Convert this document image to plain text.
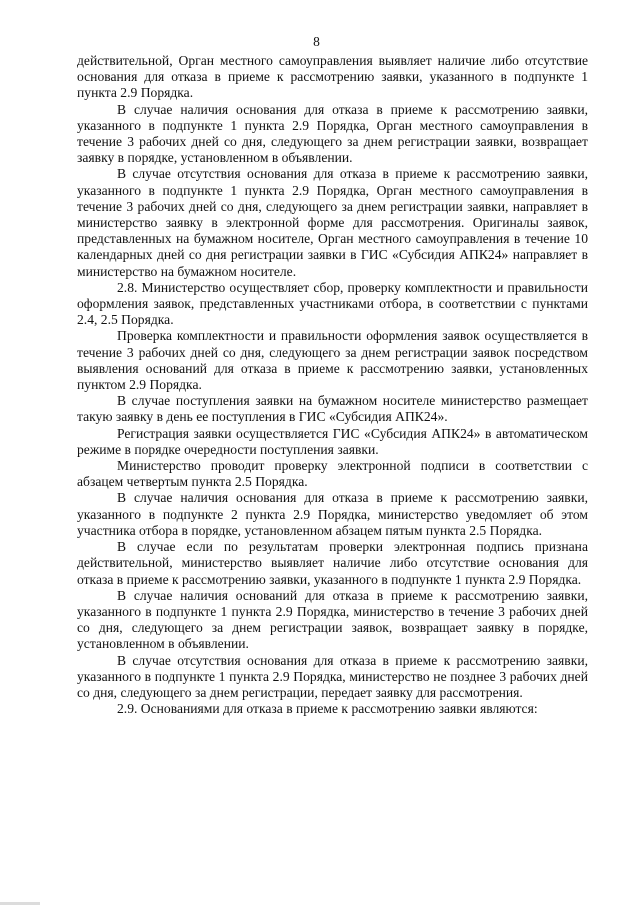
8

действительной, Орган местного самоуправления выявляет наличие либо отсутствие основания для отказа в приеме к рассмотрению заявки, указанного в подпункте 1 пункта 2.9 Порядка.

В случае наличия основания для отказа в приеме к рассмотрению заявки, указанного в подпункте 1 пункта 2.9 Порядка, Орган местного самоуправления в течение 3 рабочих дней со дня, следующего за днем регистрации заявки, возвращает заявку в порядке, установленном в объявлении.

В случае отсутствия основания для отказа в приеме к рассмотрению заявки, указанного в подпункте 1 пункта 2.9 Порядка, Орган местного самоуправления в течение 3 рабочих дней со дня, следующего за днем регистрации заявки, направляет в министерство заявку в электронной форме для рассмотрения. Оригиналы заявок, представленных на бумажном носителе, Орган местного самоуправления в течение 10 календарных дней со дня регистрации заявки в ГИС «Субсидия АПК24» направляет в министерство на бумажном носителе.

2.8. Министерство осуществляет сбор, проверку комплектности и правильности оформления заявок, представленных участниками отбора, в соответствии с пунктами 2.4, 2.5 Порядка.

Проверка комплектности и правильности оформления заявок осуществляется в течение 3 рабочих дней со дня, следующего за днем регистрации заявок посредством выявления оснований для отказа в приеме к рассмотрению заявки, установленных пунктом 2.9 Порядка.

В случае поступления заявки на бумажном носителе министерство размещает такую заявку в день ее поступления в ГИС «Субсидия АПК24».

Регистрация заявки осуществляется ГИС «Субсидия АПК24» в автоматическом режиме в порядке очередности поступления заявки.

Министерство проводит проверку электронной подписи в соответствии с абзацем четвертым пункта 2.5 Порядка.

В случае наличия основания для отказа в приеме к рассмотрению заявки, указанного в подпункте 2 пункта 2.9 Порядка, министерство уведомляет об этом участника отбора в порядке, установленном абзацем пятым пункта 2.5 Порядка.

В случае если по результатам проверки электронная подпись признана действительной, министерство выявляет наличие либо отсутствие основания для отказа в приеме к рассмотрению заявки, указанного в подпункте 1 пункта 2.9 Порядка.

В случае наличия оснований для отказа в приеме к рассмотрению заявки, указанного в подпункте 1 пункта 2.9 Порядка, министерство в течение 3 рабочих дней со дня, следующего за днем регистрации заявок, возвращает заявку в порядке, установленном в объявлении.

В случае отсутствия основания для отказа в приеме к рассмотрению заявки, указанного в подпункте 1 пункта 2.9 Порядка, министерство не позднее 3 рабочих дней со дня, следующего за днем регистрации, передает заявку для рассмотрения.

2.9. Основаниями для отказа в приеме к рассмотрению заявки являются:
